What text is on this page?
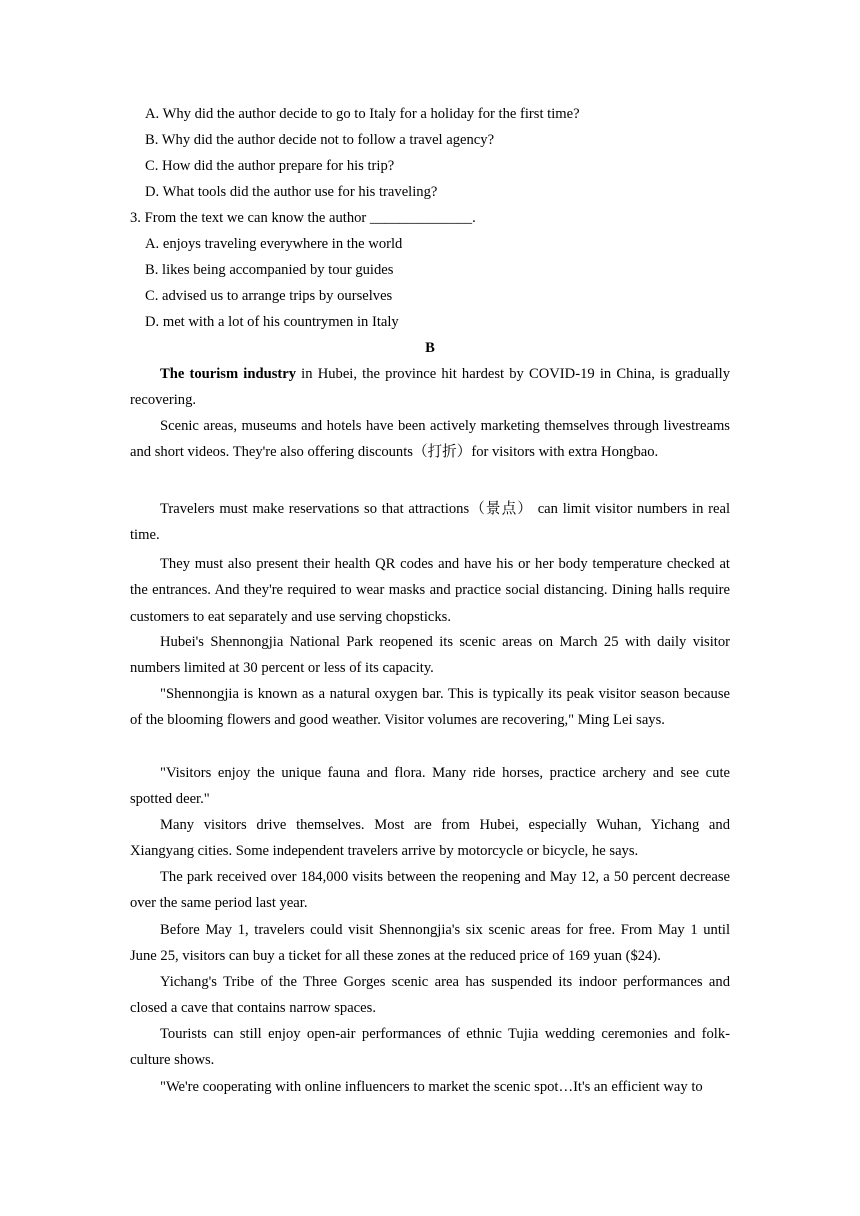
A. Why did the author decide to go to Italy for a holiday for the first time?
B. Why did the author decide not to follow a travel agency?
C. How did the author prepare for his trip?
D. What tools did the author use for his traveling?
3. From the text we can know the author ______________.
A. enjoys traveling everywhere in the world
B. likes being accompanied by tour guides
C. advised us to arrange trips by ourselves
D. met with a lot of his countrymen in Italy
B

The tourism industry in Hubei, the province hit hardest by COVID-19 in China, is gradually recovering.

Scenic areas, museums and hotels have been actively marketing themselves through livestreams and short videos. They're also offering discounts（打折）for visitors with extra Hongbao.

Travelers must make reservations so that attractions（景点） can limit visitor numbers in real time.

They must also present their health QR codes and have his or her body temperature checked at the entrances. And they're required to wear masks and practice social distancing. Dining halls require customers to eat separately and use serving chopsticks.

Hubei's Shennongjia National Park reopened its scenic areas on March 25 with daily visitor numbers limited at 30 percent or less of its capacity.

"Shennongjia is known as a natural oxygen bar. This is typically its peak visitor season because of the blooming flowers and good weather. Visitor volumes are recovering," Ming Lei says.

"Visitors enjoy the unique fauna and flora. Many ride horses, practice archery and see cute spotted deer."

Many visitors drive themselves. Most are from Hubei, especially Wuhan, Yichang and Xiangyang cities. Some independent travelers arrive by motorcycle or bicycle, he says.

The park received over 184,000 visits between the reopening and May 12, a 50 percent decrease over the same period last year.

Before May 1, travelers could visit Shennongjia's six scenic areas for free. From May 1 until June 25, visitors can buy a ticket for all these zones at the reduced price of 169 yuan ($24).

Yichang's Tribe of the Three Gorges scenic area has suspended its indoor performances and closed a cave that contains narrow spaces.

Tourists can still enjoy open-air performances of ethnic Tujia wedding ceremonies and folk-culture shows.

"We're cooperating with online influencers to market the scenic spot…It's an efficient way to
